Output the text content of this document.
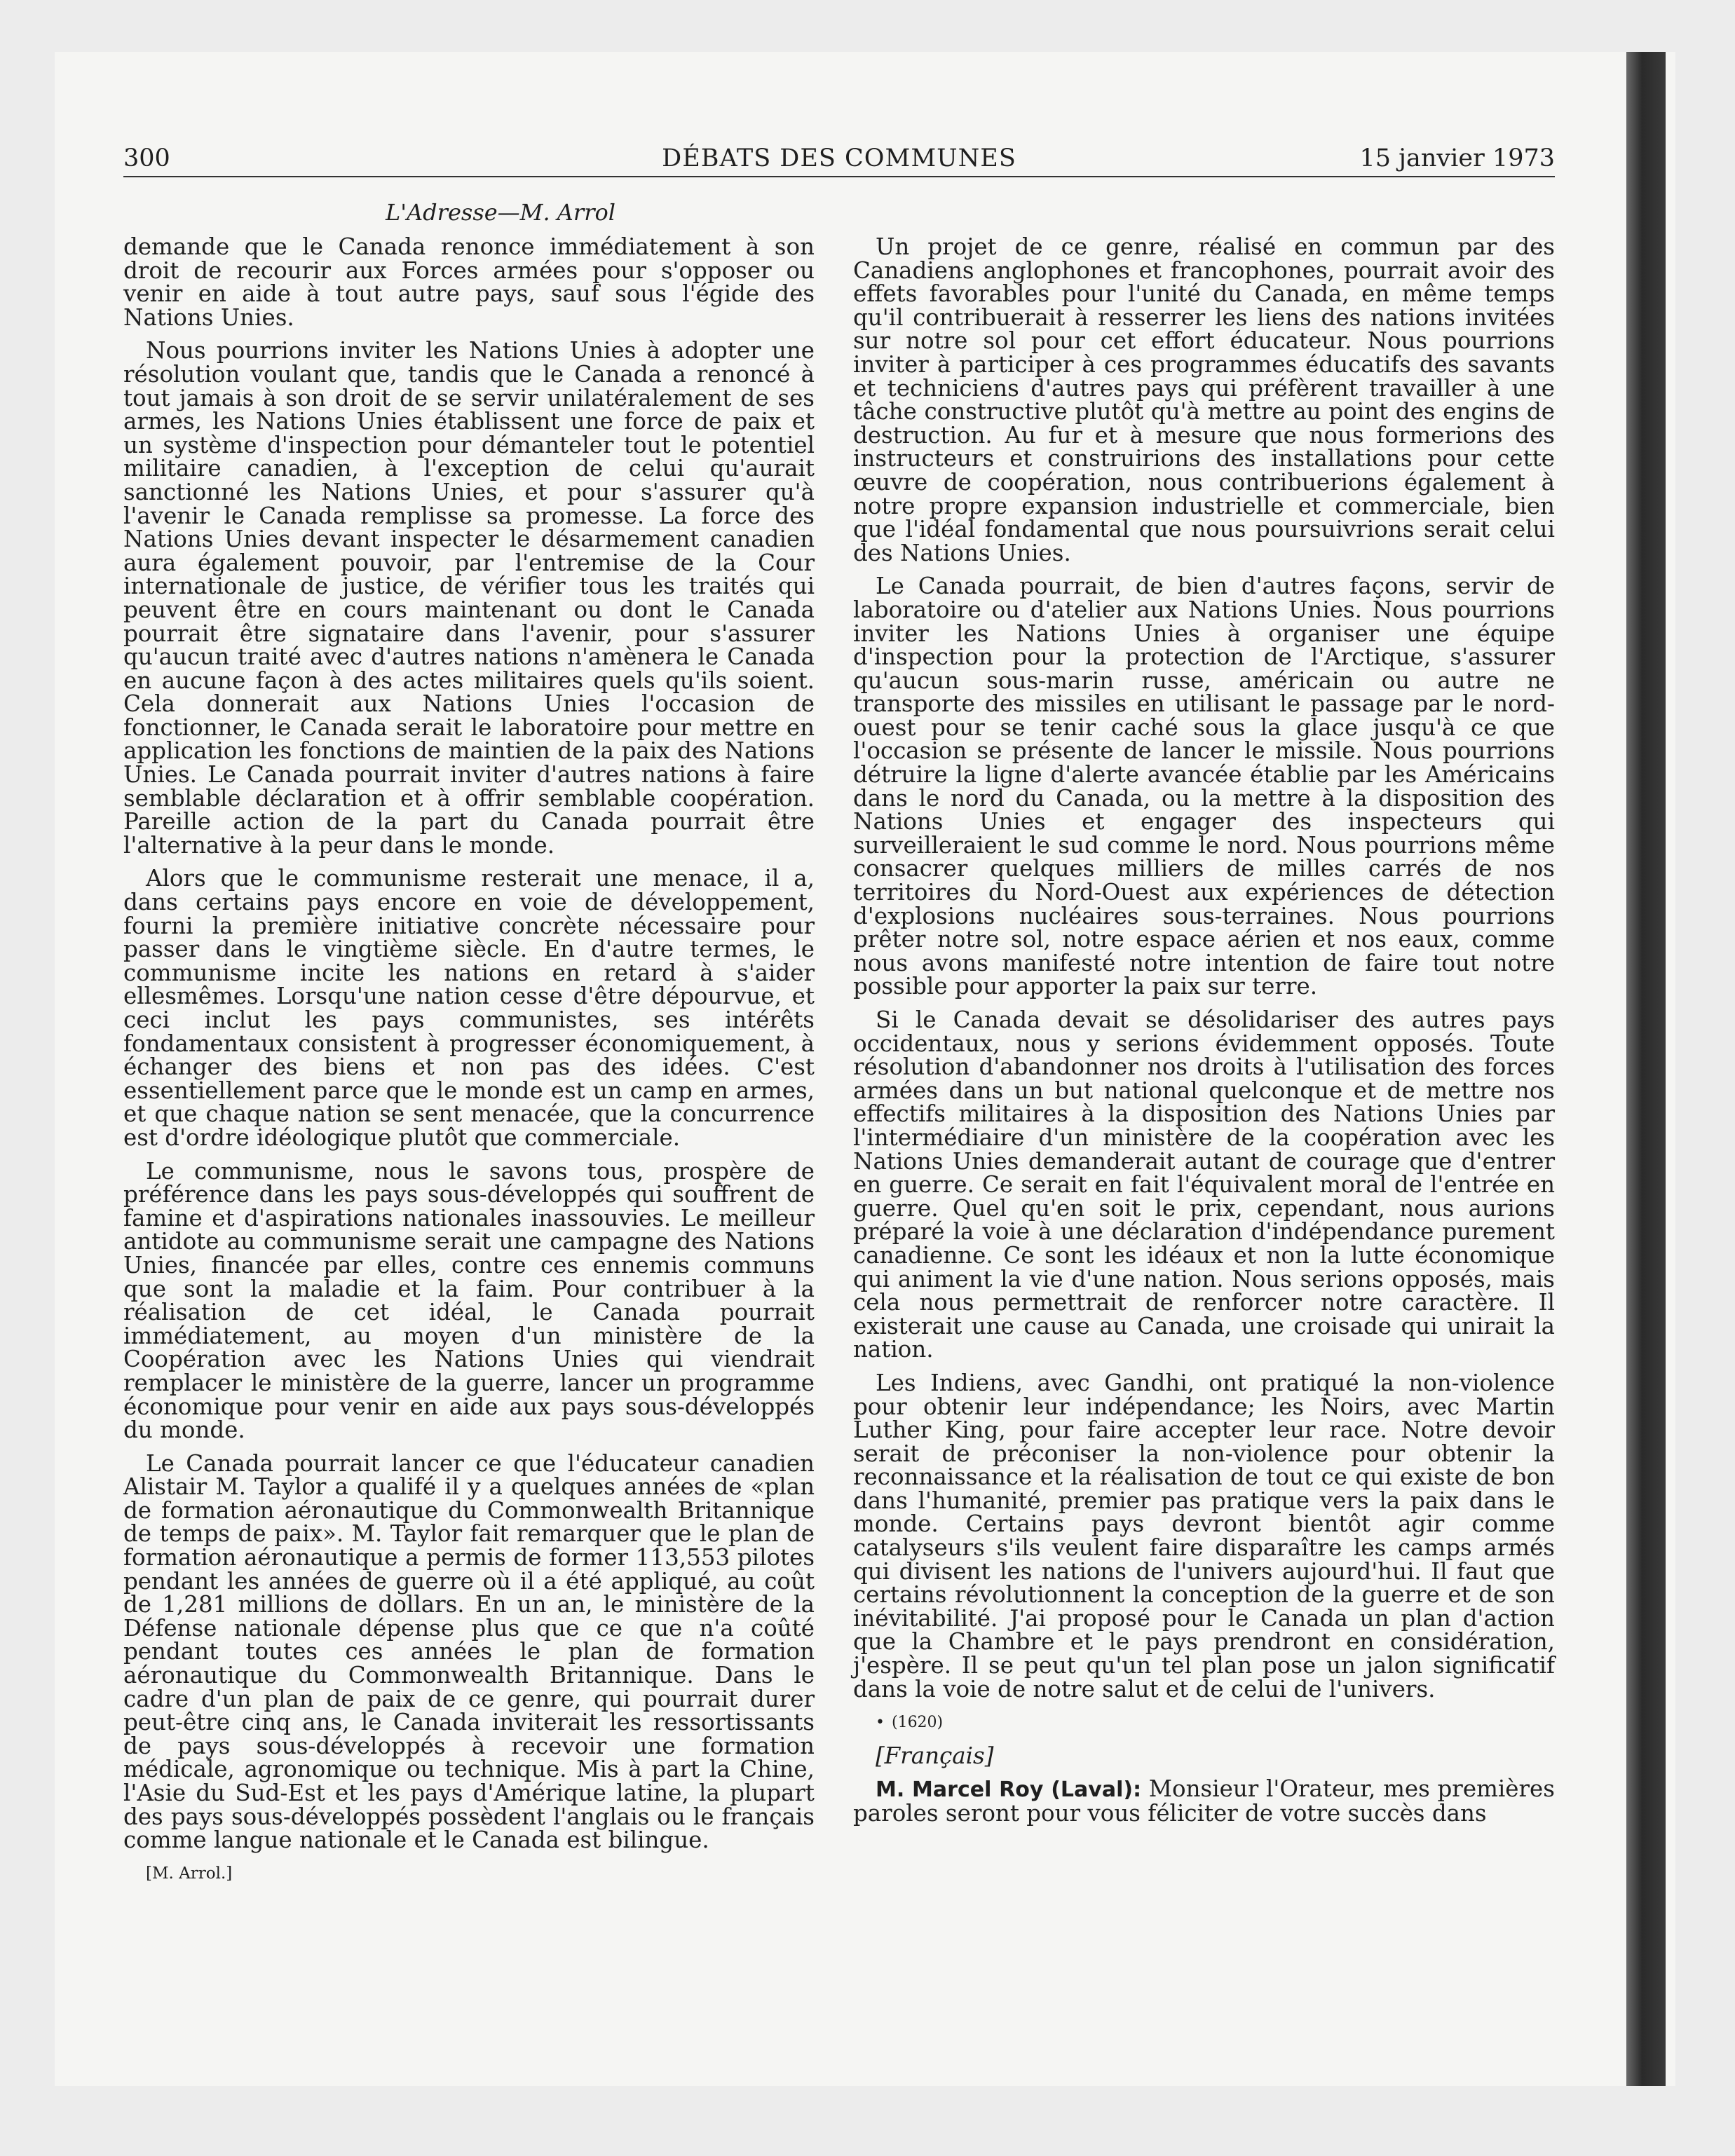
300	DÉBATS DES COMMUNES	15 janvier 1973
L'Adresse—M. Arrol

demande que le Canada renonce immédiatement à son droit de recourir aux Forces armées pour s'opposer ou venir en aide à tout autre pays, sauf sous l'égide des Nations Unies.

Nous pourrions inviter les Nations Unies à adopter une résolution voulant que, tandis que le Canada a renoncé à tout jamais à son droit de se servir unilatéralement de ses armes, les Nations Unies établissent une force de paix et un système d'inspection pour démanteler tout le potentiel militaire canadien, à l'exception de celui qu'aurait sanctionné les Nations Unies, et pour s'assurer qu'à l'avenir le Canada remplisse sa promesse. La force des Nations Unies devant inspecter le désarmement canadien aura également pouvoir, par l'entremise de la Cour internationale de justice, de vérifier tous les traités qui peuvent être en cours maintenant ou dont le Canada pourrait être signataire dans l'avenir, pour s'assurer qu'aucun traité avec d'autres nations n'amènera le Canada en aucune façon à des actes militaires quels qu'ils soient. Cela donnerait aux Nations Unies l'occasion de fonctionner, le Canada serait le laboratoire pour mettre en application les fonctions de maintien de la paix des Nations Unies. Le Canada pourrait inviter d'autres nations à faire semblable déclaration et à offrir semblable coopération. Pareille action de la part du Canada pourrait être l'alternative à la peur dans le monde.

Alors que le communisme resterait une menace, il a, dans certains pays encore en voie de développement, fourni la première initiative concrète nécessaire pour passer dans le vingtième siècle. En d'autre termes, le communisme incite les nations en retard à s'aider ellesmêmes. Lorsqu'une nation cesse d'être dépourvue, et ceci inclut les pays communistes, ses intérêts fondamentaux consistent à progresser économiquement, à échanger des biens et non pas des idées. C'est essentiellement parce que le monde est un camp en armes, et que chaque nation se sent menacée, que la concurrence est d'ordre idéologique plutôt que commerciale.

Le communisme, nous le savons tous, prospère de préférence dans les pays sous-développés qui souffrent de famine et d'aspirations nationales inassouvies. Le meilleur antidote au communisme serait une campagne des Nations Unies, financée par elles, contre ces ennemis communs que sont la maladie et la faim. Pour contribuer à la réalisation de cet idéal, le Canada pourrait immédiatement, au moyen d'un ministère de la Coopération avec les Nations Unies qui viendrait remplacer le ministère de la guerre, lancer un programme économique pour venir en aide aux pays sous-développés du monde.

Le Canada pourrait lancer ce que l'éducateur canadien Alistair M. Taylor a qualifé il y a quelques années de «plan de formation aéronautique du Commonwealth Britannique de temps de paix». M. Taylor fait remarquer que le plan de formation aéronautique a permis de former 113,553 pilotes pendant les années de guerre où il a été appliqué, au coût de 1,281 millions de dollars. En un an, le ministère de la Défense nationale dépense plus que ce que n'a coûté pendant toutes ces années le plan de formation aéronautique du Commonwealth Britannique. Dans le cadre d'un plan de paix de ce genre, qui pourrait durer peut-être cinq ans, le Canada inviterait les ressortissants de pays sous-développés à recevoir une formation médicale, agronomique ou technique. Mis à part la Chine, l'Asie du Sud-Est et les pays d'Amérique latine, la plupart des pays sous-développés possèdent l'anglais ou le français comme langue nationale et le Canada est bilingue.

[M. Arrol.]

Un projet de ce genre, réalisé en commun par des Canadiens anglophones et francophones, pourrait avoir des effets favorables pour l'unité du Canada, en même temps qu'il contribuerait à resserrer les liens des nations invitées sur notre sol pour cet effort éducateur. Nous pourrions inviter à participer à ces programmes éducatifs des savants et techniciens d'autres pays qui préfèrent travailler à une tâche constructive plutôt qu'à mettre au point des engins de destruction. Au fur et à mesure que nous formerions des instructeurs et construirions des installations pour cette œuvre de coopération, nous contribuerions également à notre propre expansion industrielle et commerciale, bien que l'idéal fondamental que nous poursuivrions serait celui des Nations Unies.

Le Canada pourrait, de bien d'autres façons, servir de laboratoire ou d'atelier aux Nations Unies. Nous pourrions inviter les Nations Unies à organiser une équipe d'inspection pour la protection de l'Arctique, s'assurer qu'aucun sous-marin russe, américain ou autre ne transporte des missiles en utilisant le passage par le nord-ouest pour se tenir caché sous la glace jusqu'à ce que l'occasion se présente de lancer le missile. Nous pourrions détruire la ligne d'alerte avancée établie par les Américains dans le nord du Canada, ou la mettre à la disposition des Nations Unies et engager des inspecteurs qui surveilleraient le sud comme le nord. Nous pourrions même consacrer quelques milliers de milles carrés de nos territoires du Nord-Ouest aux expériences de détection d'explosions nucléaires sous-terraines. Nous pourrions prêter notre sol, notre espace aérien et nos eaux, comme nous avons manifesté notre intention de faire tout notre possible pour apporter la paix sur terre.

Si le Canada devait se désolidariser des autres pays occidentaux, nous y serions évidemment opposés. Toute résolution d'abandonner nos droits à l'utilisation des forces armées dans un but national quelconque et de mettre nos effectifs militaires à la disposition des Nations Unies par l'intermédiaire d'un ministère de la coopération avec les Nations Unies demanderait autant de courage que d'entrer en guerre. Ce serait en fait l'équivalent moral de l'entrée en guerre. Quel qu'en soit le prix, cependant, nous aurions préparé la voie à une déclaration d'indépendance purement canadienne. Ce sont les idéaux et non la lutte économique qui animent la vie d'une nation. Nous serions opposés, mais cela nous permettrait de renforcer notre caractère. Il existerait une cause au Canada, une croisade qui unirait la nation.

Les Indiens, avec Gandhi, ont pratiqué la non-violence pour obtenir leur indépendance; les Noirs, avec Martin Luther King, pour faire accepter leur race. Notre devoir serait de préconiser la non-violence pour obtenir la reconnaissance et la réalisation de tout ce qui existe de bon dans l'humanité, premier pas pratique vers la paix dans le monde. Certains pays devront bientôt agir comme catalyseurs s'ils veulent faire disparaître les camps armés qui divisent les nations de l'univers aujourd'hui. Il faut que certains révolutionnent la conception de la guerre et de son inévitabilité. J'ai proposé pour le Canada un plan d'action que la Chambre et le pays prendront en considération, j'espère. Il se peut qu'un tel plan pose un jalon significatif dans la voie de notre salut et de celui de l'univers.

• (1620)

[Français]

M. Marcel Roy (Laval): Monsieur l'Orateur, mes premières paroles seront pour vous féliciter de votre succès dans
